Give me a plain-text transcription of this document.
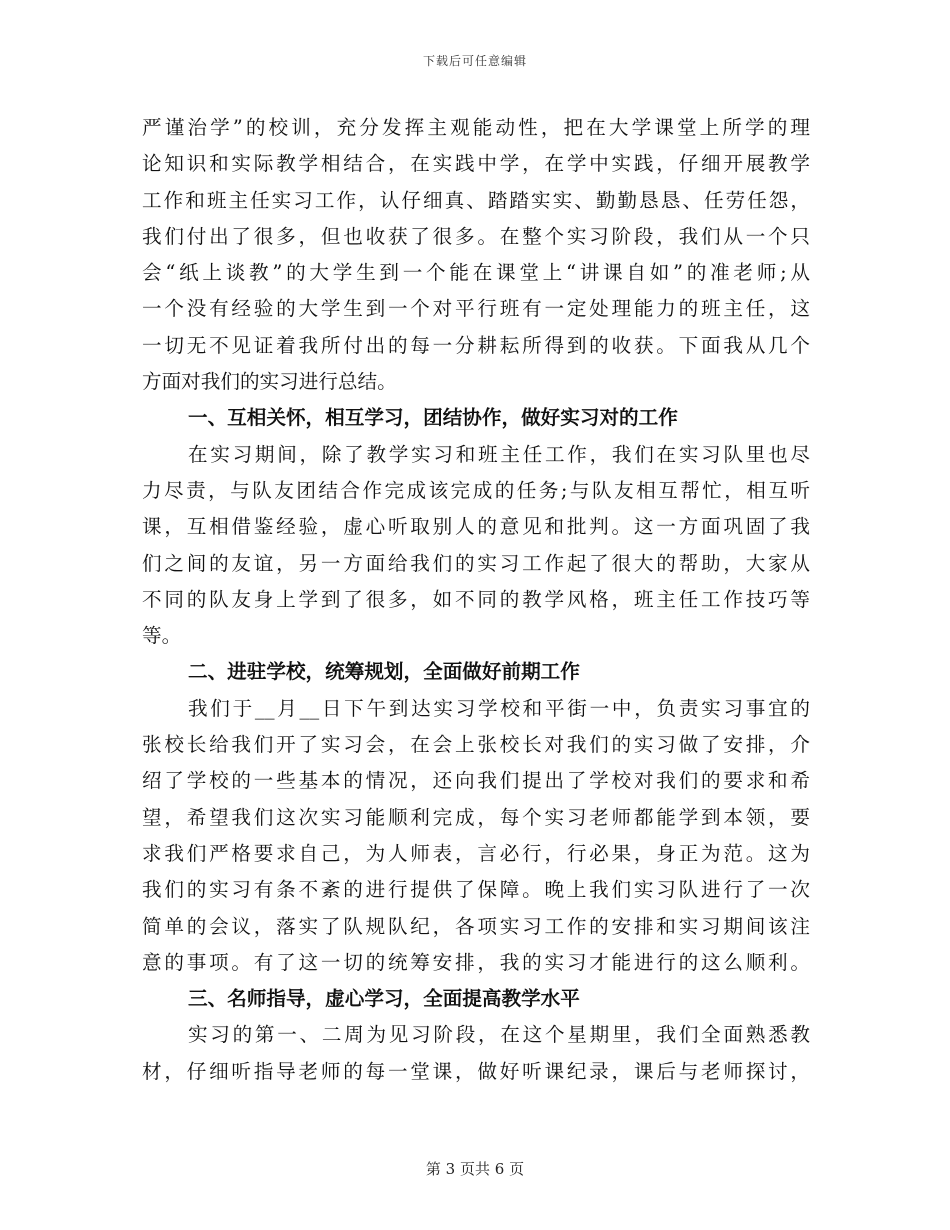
下载后可任意编辑
严谨治学”的校训，充分发挥主观能动性，把在大学课堂上所学的理
论知识和实际教学相结合，在实践中学，在学中实践，仔细开展教学
工作和班主任实习工作，认仔细真、踏踏实实、勤勤恳恳、任劳任怨，
我们付出了很多，但也收获了很多。在整个实习阶段，我们从一个只
会“纸上谈教”的大学生到一个能在课堂上“讲课自如”的准老师;从
一个没有经验的大学生到一个对平行班有一定处理能力的班主任，这
一切无不见证着我所付出的每一分耕耘所得到的收获。下面我从几个
方面对我们的实习进行总结。
一、互相关怀，相互学习，团结协作，做好实习对的工作
在实习期间，除了教学实习和班主任工作，我们在实习队里也尽
力尽责，与队友团结合作完成该完成的任务;与队友相互帮忙，相互听
课，互相借鉴经验，虚心听取别人的意见和批判。这一方面巩固了我
们之间的友谊，另一方面给我们的实习工作起了很大的帮助，大家从
不同的队友身上学到了很多，如不同的教学风格，班主任工作技巧等
等。
二、进驻学校，统筹规划，全面做好前期工作
我们于__月__日下午到达实习学校和平街一中，负责实习事宜的
张校长给我们开了实习会，在会上张校长对我们的实习做了安排，介
绍了学校的一些基本的情况，还向我们提出了学校对我们的要求和希
望，希望我们这次实习能顺利完成，每个实习老师都能学到本领，要
求我们严格要求自己，为人师表，言必行，行必果，身正为范。这为
我们的实习有条不紊的进行提供了保障。晚上我们实习队进行了一次
简单的会议，落实了队规队纪，各项实习工作的安排和实习期间该注
意的事项。有了这一切的统筹安排，我的实习才能进行的这么顺利。
三、名师指导，虚心学习，全面提高教学水平
实习的第一、二周为见习阶段，在这个星期里，我们全面熟悉教
材，仔细听指导老师的每一堂课，做好听课纪录，课后与老师探讨，
第 3 页共 6 页
